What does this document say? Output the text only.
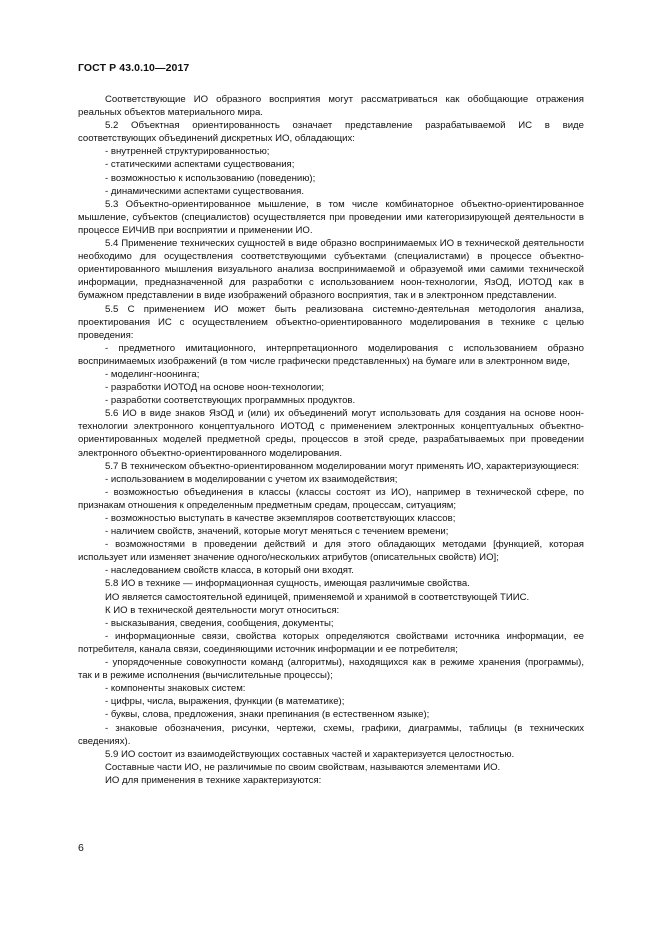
ГОСТ Р 43.0.10—2017

Соответствующие ИО образного восприятия могут рассматриваться как обобщающие отражения реальных объектов материального мира.

5.2 Объектная ориентированность означает представление разрабатываемой ИС в виде соответствующих объединений дискретных ИО, обладающих:

- внутренней структурированностью;

- статическими аспектами существования;

- возможностью к использованию (поведению);

- динамическими аспектами существования.

5.3 Объектно-ориентированное мышление, в том числе комбинаторное объектно-ориентированное мышление, субъектов (специалистов) осуществляется при проведении ими категоризирующей деятельности в процессе ЕИЧИВ при восприятии и применении ИО.

5.4 Применение технических сущностей в виде образно воспринимаемых ИО в технической деятельности необходимо для осуществления соответствующими субъектами (специалистами) в процессе объектно-ориентированного мышления визуального анализа воспринимаемой и образуемой ими самими технической информации, предназначенной для разработки с использованием ноон-технологии, ЯзОД, ИОТОД как в бумажном представлении в виде изображений образного восприятия, так и в электронном представлении.

5.5 С применением ИО может быть реализована системно-деятельная методология анализа, проектирования ИС с осуществлением объектно-ориентированного моделирования в технике с целью проведения:

- предметного имитационного, интерпретационного моделирования с использованием образно воспринимаемых изображений (в том числе графически представленных) на бумаге или в электронном виде,

- моделинг-ноонинга;

- разработки ИОТОД на основе ноон-технологии;

- разработки соответствующих программных продуктов.

5.6 ИО в виде знаков ЯзОД и (или) их объединений могут использовать для создания на основе ноон-технологии электронного концептуального ИОТОД с применением электронных концептуальных объектно-ориентированных моделей предметной среды, процессов в этой среде, разрабатываемых при проведении электронного объектно-ориентированного моделирования.

5.7 В техническом объектно-ориентированном моделировании могут применять ИО, характеризующиеся:

- использованием в моделировании с учетом их взаимодействия;

- возможностью объединения в классы (классы состоят из ИО), например в технической сфере, по признакам отношения к определенным предметным средам, процессам, ситуациям;

- возможностью выступать в качестве экземпляров соответствующих классов;

- наличием свойств, значений, которые могут меняться с течением времени;

- возможностями в проведении действий и для этого обладающих методами [функцией, которая использует или изменяет значение одного/нескольких атрибутов (описательных свойств) ИО];

- наследованием свойств класса, в который они входят.

5.8 ИО в технике — информационная сущность, имеющая различимые свойства.

ИО является самостоятельной единицей, применяемой и хранимой в соответствующей ТИИС.

К ИО в технической деятельности могут относиться:

- высказывания, сведения, сообщения, документы;

- информационные связи, свойства которых определяются свойствами источника информации, ее потребителя, канала связи, соединяющими источник информации и ее потребителя;

- упорядоченные совокупности команд (алгоритмы), находящихся как в режиме хранения (программы), так и в режиме исполнения (вычислительные процессы);

- компоненты знаковых систем:

- цифры, числа, выражения, функции (в математике);

- буквы, слова, предложения, знаки препинания (в естественном языке);

- знаковые обозначения, рисунки, чертежи, схемы, графики, диаграммы, таблицы (в технических сведениях).

5.9 ИО состоит из взаимодействующих составных частей и характеризуется целостностью.

Составные части ИО, не различимые по своим свойствам, называются элементами ИО.

ИО для применения в технике характеризуются:

6
